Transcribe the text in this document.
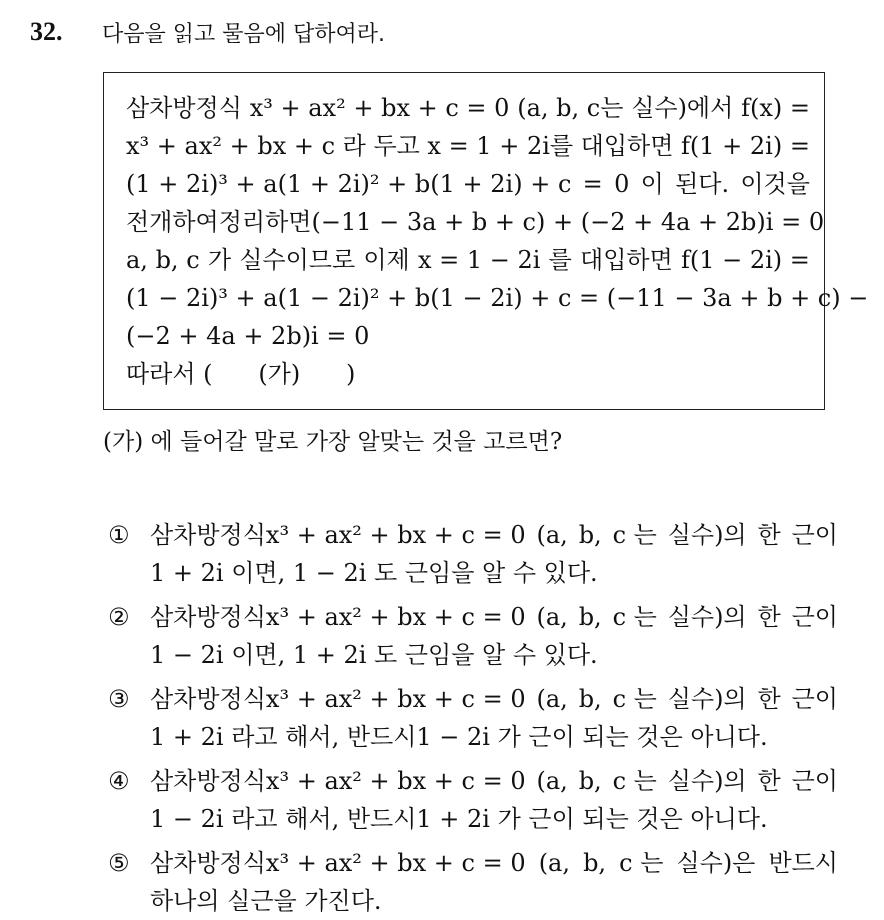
32.	다음을 읽고 물음에 답하여라.
삼차방정식 x³ + ax² + bx + c = 0 (a, b, c는 실수)에서 f(x) =
x³ + ax² + bx + c 라 두고 x = 1 + 2i를 대입하면 f(1 + 2i) =
(1 + 2i)³ + a(1 + 2i)² + b(1 + 2i) + c = 0 이 된다. 이것을
전개하여 정리하면 (−11 − 3a + b + c) + (−2 + 4a + 2b)i = 0
a, b, c 가 실수이므로 이제 x = 1 − 2i 를 대입하면 f(1 − 2i) =
(1 − 2i)³ + a(1 − 2i)² + b(1 − 2i) + c = (−11 − 3a + b + c) −
(−2 + 4a + 2b)i = 0
따라서 (      (가)      )
(가) 에 들어갈 말로 가장 알맞는 것을 고르면?
① 삼차방정식x³ + ax² + bx + c = 0 (a, b, c 는 실수)의 한 근이
1 + 2i 이면, 1 − 2i 도 근임을 알 수 있다.
② 삼차방정식x³ + ax² + bx + c = 0 (a, b, c 는 실수)의 한 근이
1 − 2i 이면, 1 + 2i 도 근임을 알 수 있다.
③ 삼차방정식x³ + ax² + bx + c = 0 (a, b, c 는 실수)의 한 근이
1 + 2i 라고 해서, 반드시1 − 2i 가 근이 되는 것은 아니다.
④ 삼차방정식x³ + ax² + bx + c = 0 (a, b, c 는 실수)의 한 근이
1 − 2i 라고 해서, 반드시1 + 2i 가 근이 되는 것은 아니다.
⑤ 삼차방정식x³ + ax² + bx + c = 0 (a, b, c 는 실수)은 반드시
하나의 실근을 가진다.
